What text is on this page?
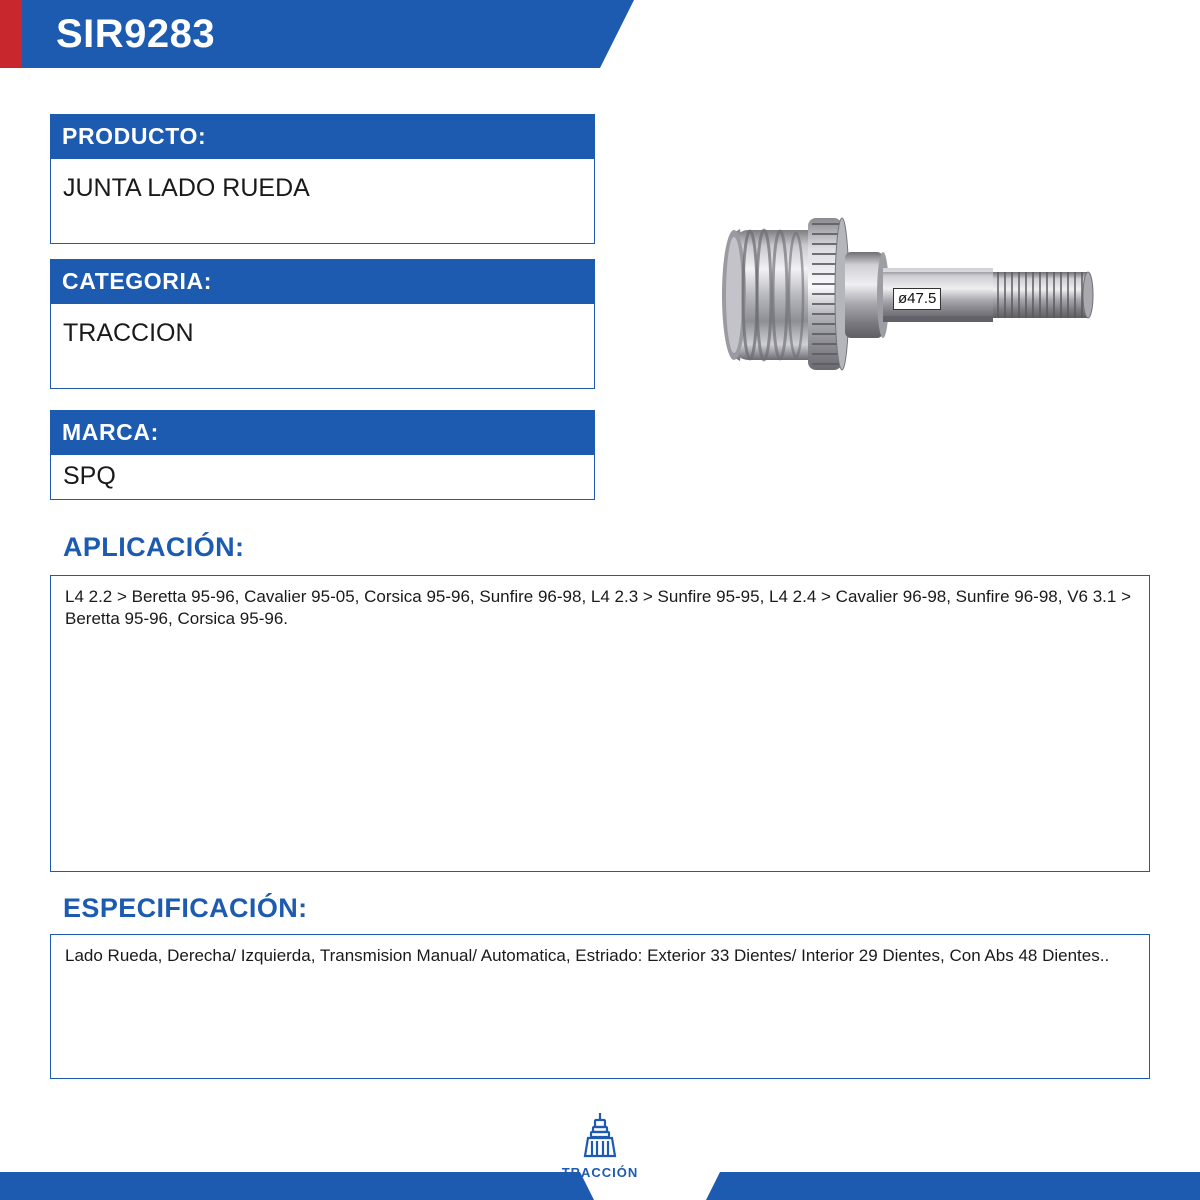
SIR9283
PRODUCTO:
JUNTA LADO RUEDA
CATEGORIA:
TRACCION
MARCA:
SPQ
ø47.5
APLICACIÓN:
L4 2.2 > Beretta 95-96, Cavalier 95-05, Corsica 95-96, Sunfire 96-98, L4 2.3 > Sunfire 95-95, L4 2.4 > Cavalier 96-98, Sunfire 96-98, V6 3.1 > Beretta 95-96, Corsica 95-96.
ESPECIFICACIÓN:
Lado Rueda, Derecha/ Izquierda, Transmision Manual/ Automatica, Estriado: Exterior 33 Dientes/ Interior 29 Dientes, Con Abs 48 Dientes..
TRACCIÓN
